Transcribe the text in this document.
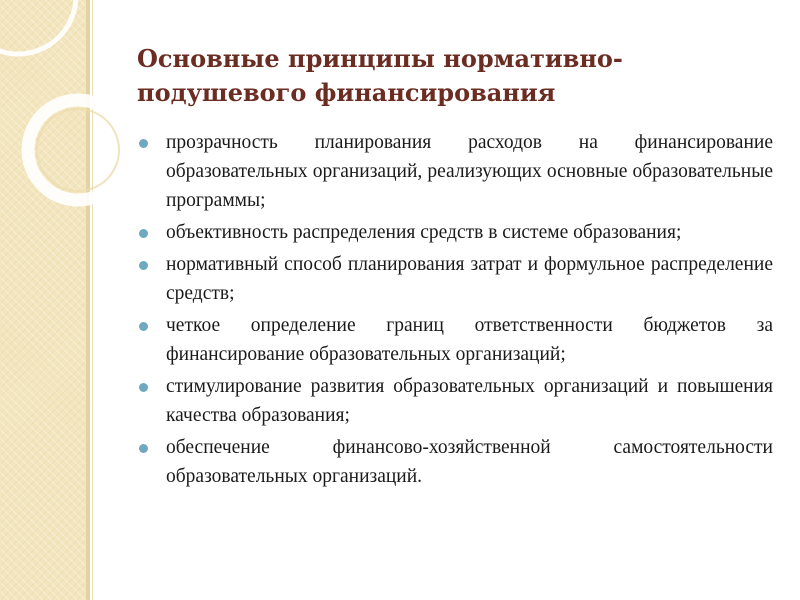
Основные принципы нормативно-подушевого финансирования
прозрачность планирования расходов на финансирование образовательных организаций, реализующих основные образовательные программы;
объективность распределения средств в системе образования;
нормативный способ планирования затрат и формульное распределение средств;
четкое определение границ ответственности бюджетов за финансирование образовательных организаций;
стимулирование развития образовательных организаций и повышения качества образования;
обеспечение финансово-хозяйственной самостоятельности образовательных организаций.
